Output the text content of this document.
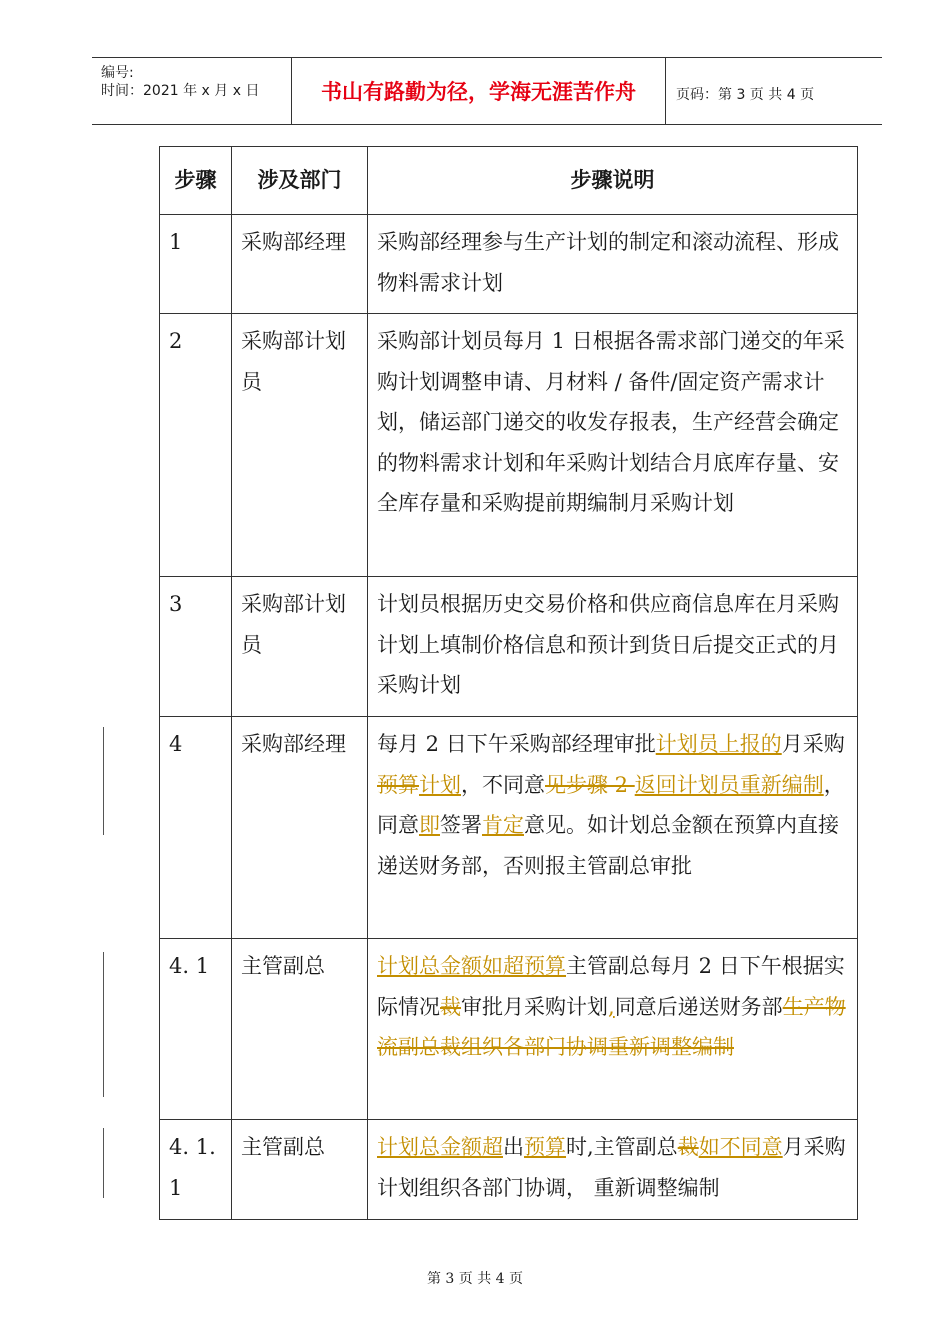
编号:
时间：2021 年 x 月 x 日	书山有路勤为径，学海无涯苦作舟	页码：第 3 页 共 4 页
步骤	涉及部门	步骤说明
1	采购部经理	采购部经理参与生产计划的制定和滚动流程、形成物料需求计划
2	采购部计划员	采购部计划员每月 1 日根据各需求部门递交的年采购计划调整申请、月材料 / 备件/固定资产需求计划，储运部门递交的收发存报表，生产经营会确定的物料需求计划和年采购计划结合月底库存量、安全库存量和采购提前期编制月采购计划
3	采购部计划员	计划员根据历史交易价格和供应商信息库在月采购计划上填制价格信息和预计到货日后提交正式的月采购计划
4	采购部经理	每月 2 日下午采购部经理审批计划员上报的月采购预算计划，不同意见步骤 2 返回计划员重新编制，同意即签署肯定意见。如计划总金额在预算内直接递送财务部，否则报主管副总审批
4. 1	主管副总	计划总金额如超预算主管副总每月 2 日下午根据实际情况裁审批月采购计划,同意后递送财务部生产物流副总裁组织各部门协调重新调整编制
4. 1. 1	主管副总	计划总金额超出预算时,主管副总裁如不同意月采购计划组织各部门协调， 重新调整编制
第 3 页 共 4 页
